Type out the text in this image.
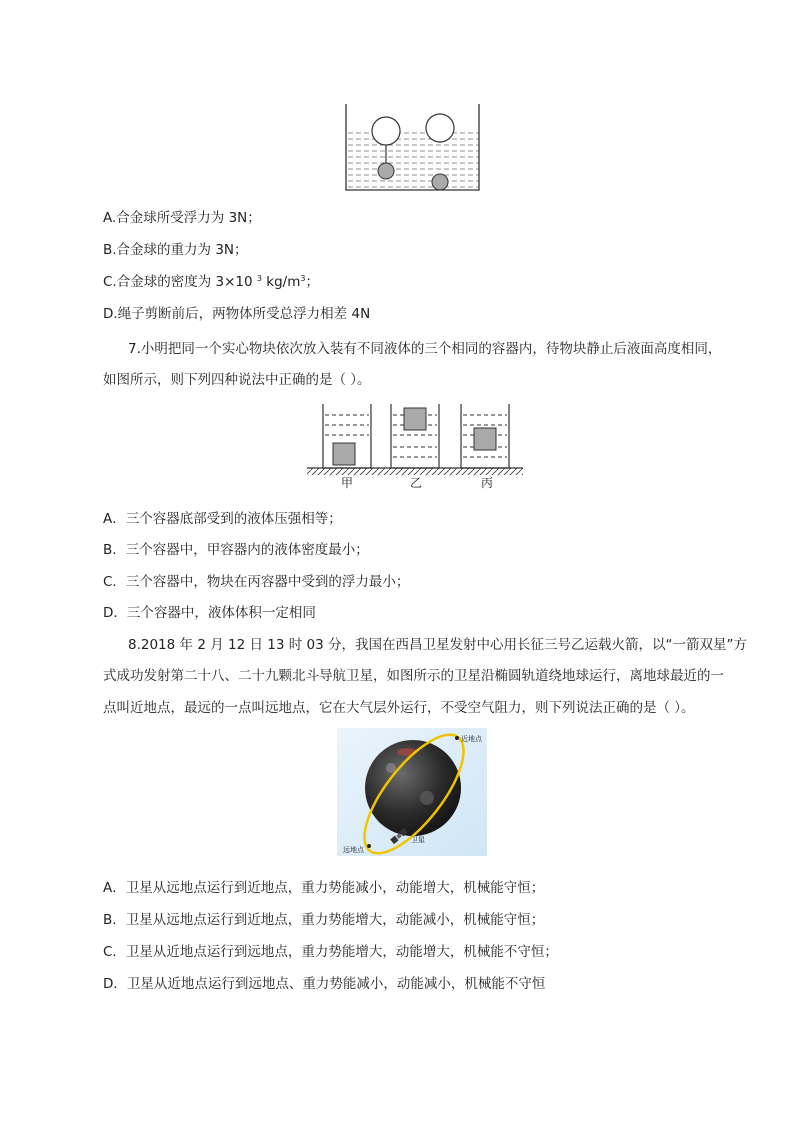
A.合金球所受浮力为 3N；
B.合金球的重力为 3N；
C.合金球的密度为 3×10 $^3$ $kg/m^3$；
D.绳子剪断前后，两物体所受总浮力相差 4N
7.小明把同一个实心物块依次放入装有不同液体的三个相同的容器内，待物块静止后液面高度相同，
如图所示，则下列四种说法中正确的是（ ）。
甲	乙	丙
A．三个容器底部受到的液体压强相等；
B．三个容器中，甲容器内的液体密度最小；
C．三个容器中，物块在丙容器中受到的浮力最小；
D．三个容器中，液体体积一定相同
8.2018 年 2 月 12 日 13 时 03 分，我国在西昌卫星发射中心用长征三号乙运载火箭，以“一箭双星”方
式成功发射第二十八、二十九颗北斗导航卫星，如图所示的卫星沿椭圆轨道绕地球运行，离地球最近的一
点叫近地点，最远的一点叫远地点，它在大气层外运行，不受空气阻力，则下列说法正确的是（ ）。
近地点
远地点
卫星
A．卫星从远地点运行到近地点，重力势能减小，动能增大，机械能守恒；
B．卫星从远地点运行到近地点，重力势能增大，动能减小，机械能守恒；
C．卫星从近地点运行到远地点，重力势能增大，动能增大，机械能不守恒；
D．卫星从近地点运行到远地点、重力势能减小，动能减小，机械能不守恒
